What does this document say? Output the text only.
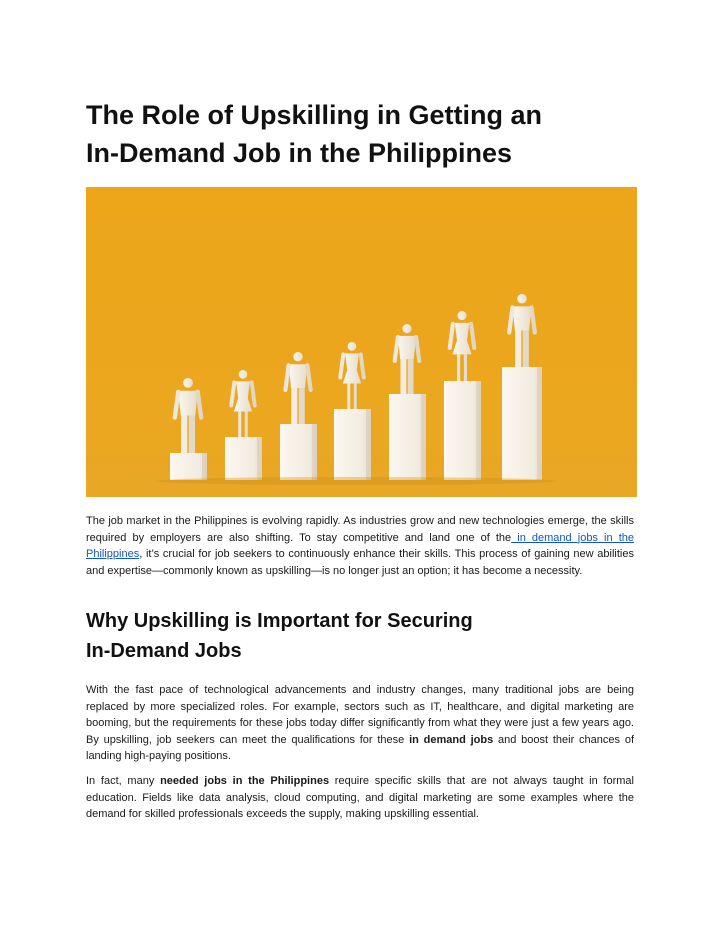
The Role of Upskilling in Getting an
In-Demand Job in the Philippines

The job market in the Philippines is evolving rapidly. As industries grow and new technologies emerge, the skills required by employers are also shifting. To stay competitive and land one of the in demand jobs in the Philippines, it’s crucial for job seekers to continuously enhance their skills. This process of gaining new abilities and expertise—commonly known as upskilling—is no longer just an option; it has become a necessity.

Why Upskilling is Important for Securing
In-Demand Jobs

With the fast pace of technological advancements and industry changes, many traditional jobs are being replaced by more specialized roles. For example, sectors such as IT, healthcare, and digital marketing are booming, but the requirements for these jobs today differ significantly from what they were just a few years ago. By upskilling, job seekers can meet the qualifications for these in demand jobs and boost their chances of landing high-paying positions.

In fact, many needed jobs in the Philippines require specific skills that are not always taught in formal education. Fields like data analysis, cloud computing, and digital marketing are some examples where the demand for skilled professionals exceeds the supply, making upskilling essential.
